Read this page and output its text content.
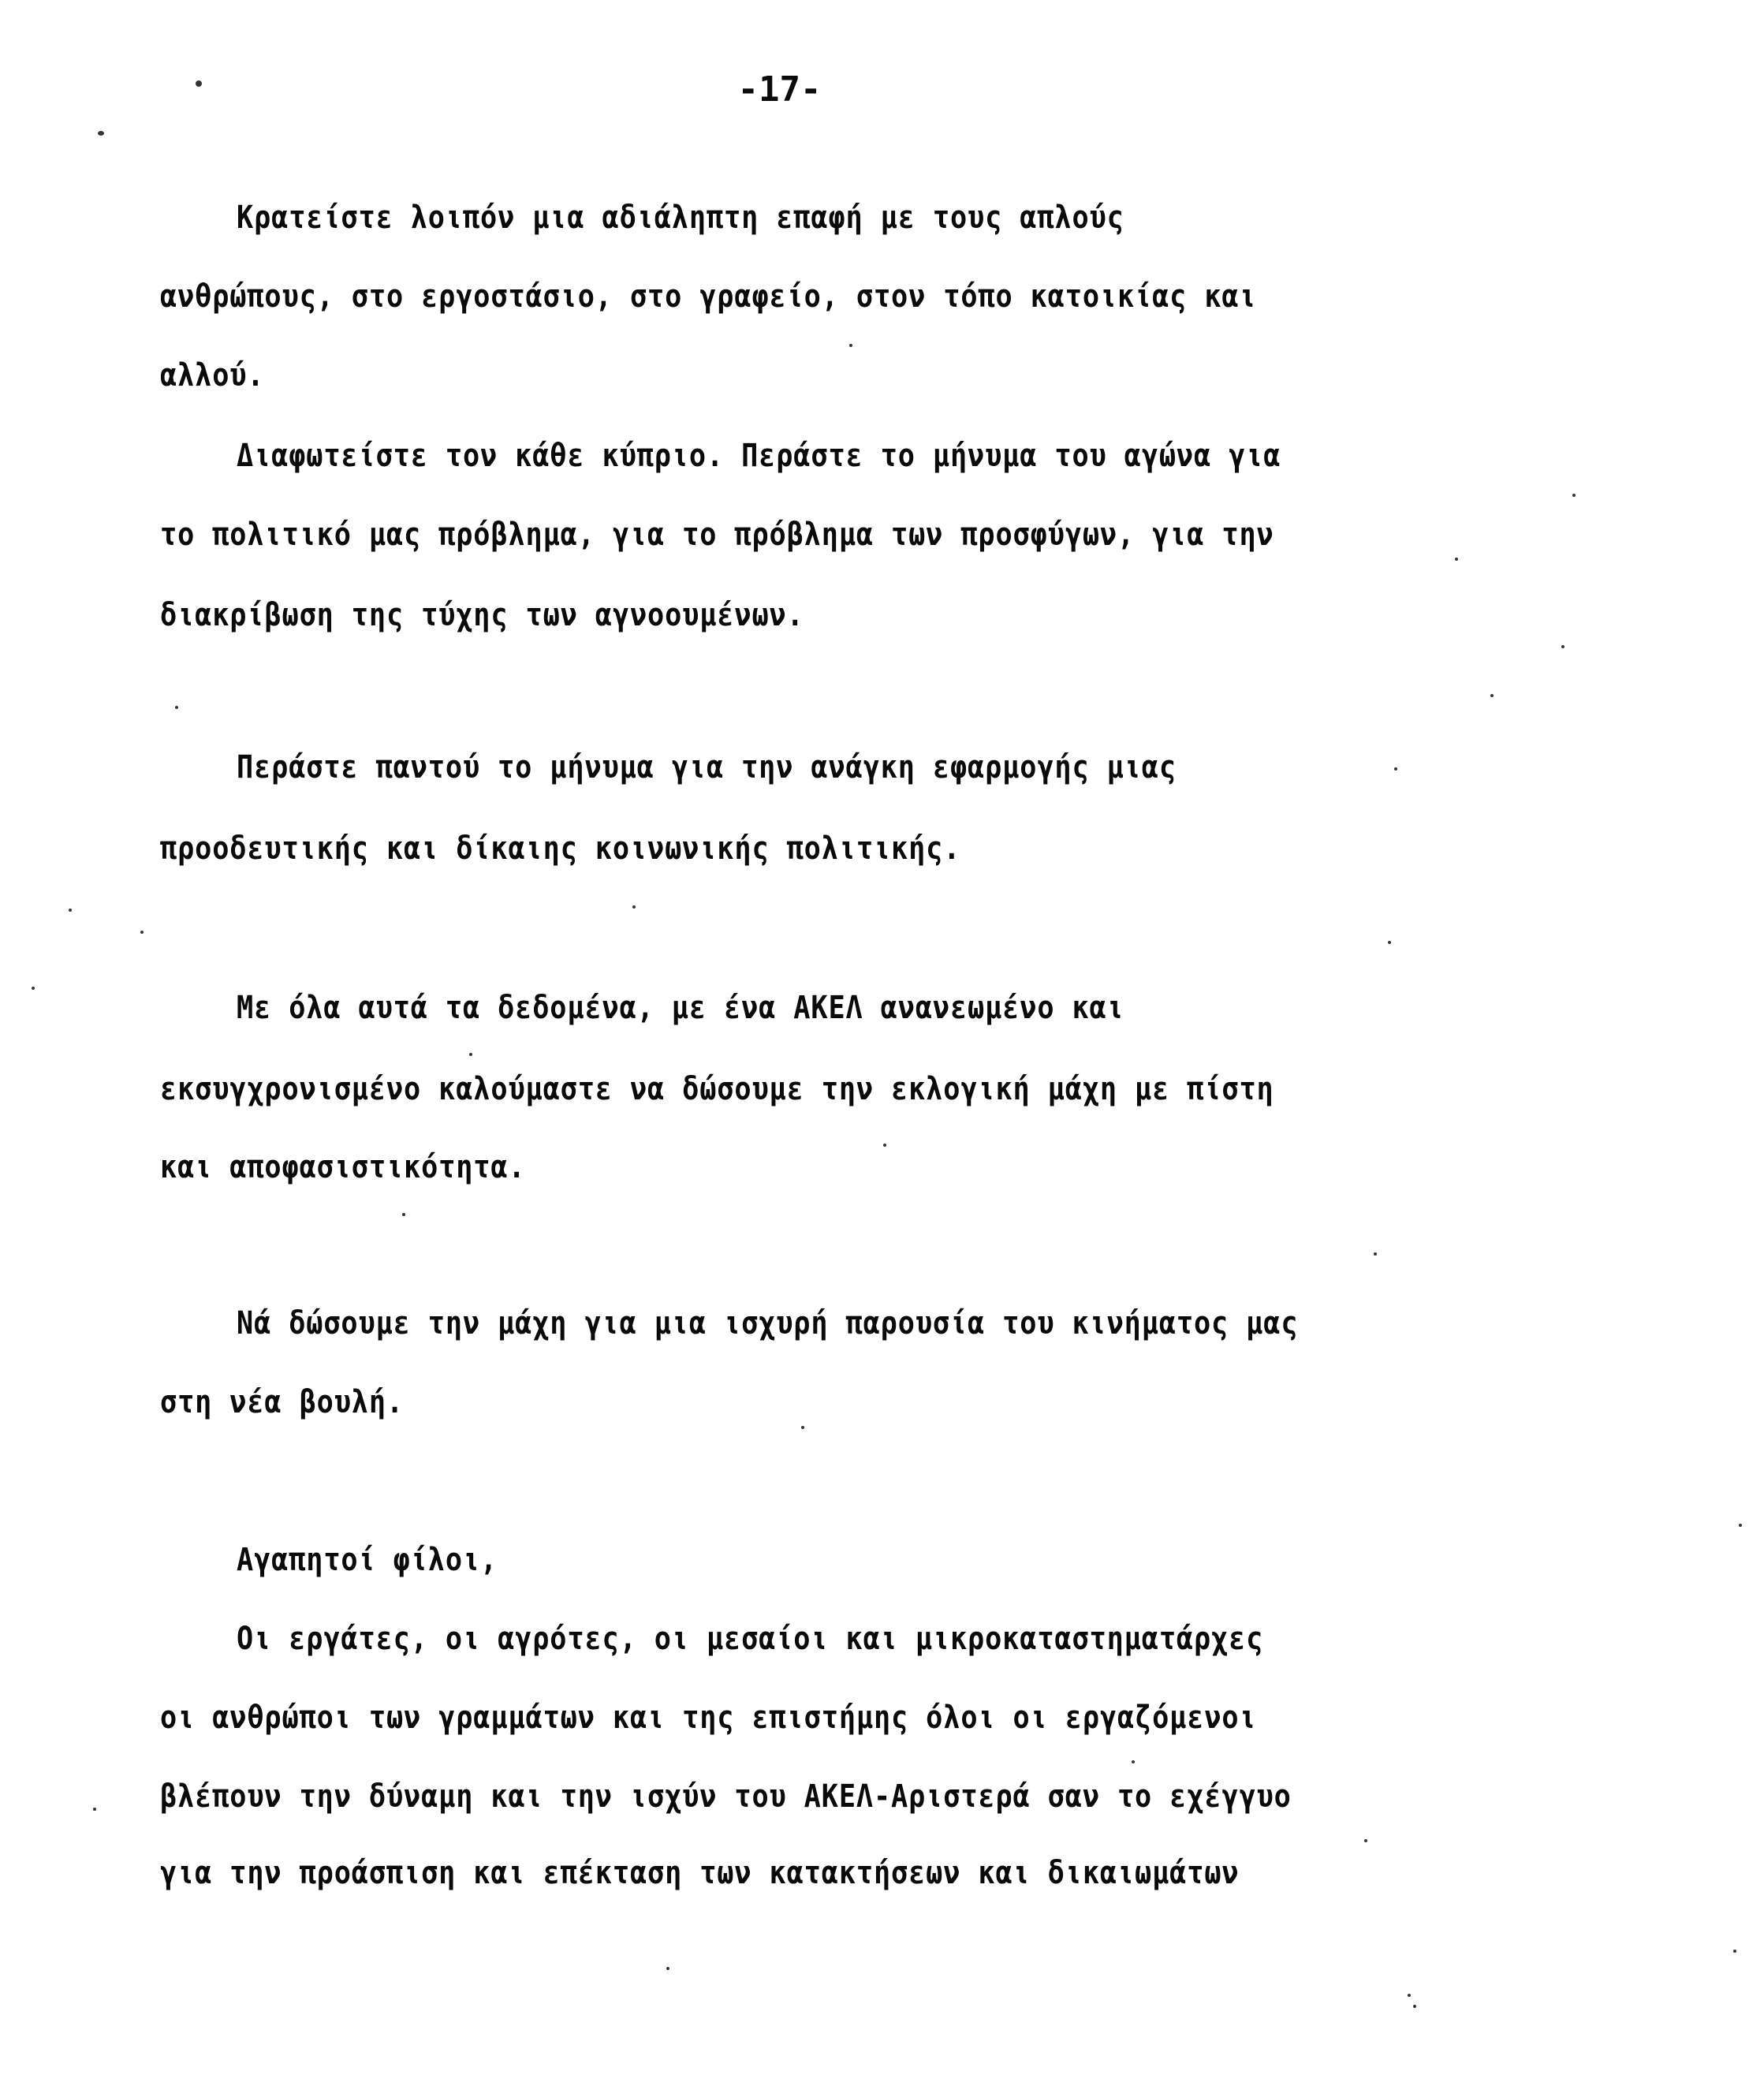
-17-
Κρατείστε λοιπόν μια αδιάληπτη επαφή με τους απλούς
ανθρώπους, στο εργοστάσιο, στο γραφείο, στον τόπο κατοικίας και
αλλού.
Διαφωτείστε τον κάθε κύπριο. Περάστε το μήνυμα του αγώνα για
το πολιτικό μας πρόβλημα, για το πρόβλημα των προσφύγων, για την
διακρίβωση της τύχης των αγνοουμένων.
Περάστε παντού το μήνυμα για την ανάγκη εφαρμογής μιας
προοδευτικής και δίκαιης κοινωνικής πολιτικής.
Με όλα αυτά τα δεδομένα, με ένα ΑΚΕΛ ανανεωμένο και
εκσυγχρονισμένο καλούμαστε να δώσουμε την εκλογική μάχη με πίστη
και αποφασιστικότητα.
Νά δώσουμε την μάχη για μια ισχυρή παρουσία του κινήματος μας
στη νέα βουλή.
Αγαπητοί φίλοι,
Οι εργάτες, οι αγρότες, οι μεσαίοι και μικροκαταστηματάρχες
οι ανθρώποι των γραμμάτων και της επιστήμης όλοι οι εργαζόμενοι
βλέπουν την δύναμη και την ισχύν του ΑΚΕΛ-Αριστερά σαν το εχέγγυο
για την προάσπιση και επέκταση των κατακτήσεων και δικαιωμάτων
